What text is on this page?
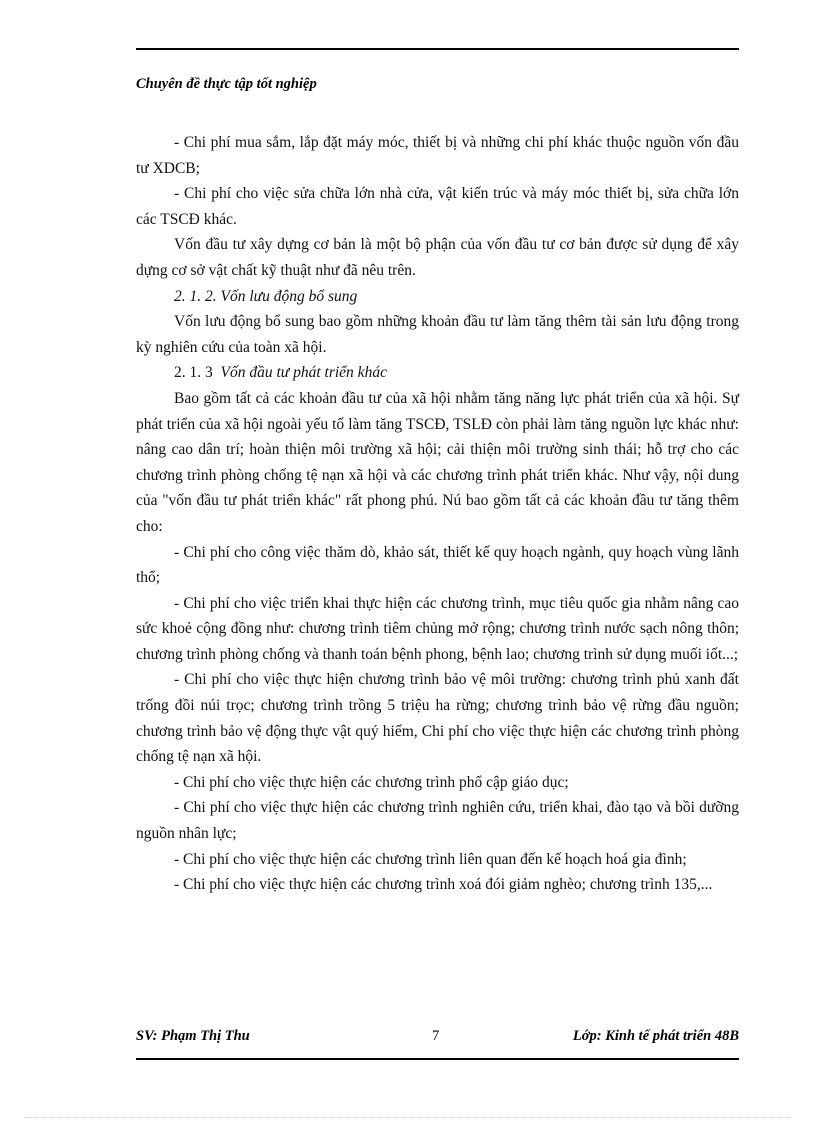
Chuyên đề thực tập tốt nghiệp

- Chi phí mua sắm, lắp đặt máy móc, thiết bị và những chi phí khác thuộc nguồn vốn đầu tư XDCB;

- Chi phí cho việc sửa chữa lớn nhà cửa, vật kiến trúc và máy móc thiết bị, sửa chữa lớn các TSCĐ khác.

Vốn đầu tư xây dựng cơ bản là một bộ phận của vốn đầu tư cơ bản được sử dụng để xây dựng cơ sở vật chất kỹ thuật như đã nêu trên.

2. 1. 2. Vốn lưu động bổ sung

Vốn lưu động bổ sung bao gồm những khoản đầu tư làm tăng thêm tài sản lưu động trong kỳ nghiên cứu của toàn xã hội.

2. 1. 3 Vốn đầu tư phát triển khác

Bao gồm tất cả các khoản đầu tư của xã hội nhằm tăng năng lực phát triển của xã hội. Sự phát triển của xã hội ngoài yếu tố làm tăng TSCĐ, TSLĐ còn phải làm tăng nguồn lực khác như: nâng cao dân trí; hoàn thiện môi trường xã hội; cải thiện môi trường sinh thái; hỗ trợ cho các chương trình phòng chống tệ nạn xã hội và các chương trình phát triển khác. Như vậy, nội dung của "vốn đầu tư phát triển khác" rất phong phú. Nú bao gồm tất cả các khoản đầu tư tăng thêm cho:

- Chi phí cho công việc thăm dò, khảo sát, thiết kế quy hoạch ngành, quy hoạch vùng lãnh thổ;

- Chi phí cho việc triển khai thực hiện các chương trình, mục tiêu quốc gia nhằm nâng cao sức khoẻ cộng đồng như: chương trình tiêm chủng mở rộng; chương trình nước sạch nông thôn; chương trình phòng chống và thanh toán bệnh phong, bệnh lao; chương trình sử dụng muối iốt...;

- Chi phí cho việc thực hiện chương trình bảo vệ môi trường: chương trình phủ xanh đất trống đồi núi trọc; chương trình trồng 5 triệu ha rừng; chương trình bảo vệ rừng đầu nguồn; chương trình bảo vệ động thực vật quý hiếm, Chi phí cho việc thực hiện các chương trình phòng chống tệ nạn xã hội.

- Chi phí cho việc thực hiện các chương trình phổ cập giáo dục;

- Chi phí cho việc thực hiện các chương trình nghiên cứu, triển khai, đào tạo và bồi dưỡng nguồn nhân lực;

- Chi phí cho việc thực hiện các chương trình liên quan đến kế hoạch hoá gia đình;

- Chi phí cho việc thực hiện các chương trình xoá đói giảm nghèo; chương trình 135,...

SV: Phạm Thị Thu	7	Lớp: Kinh tế phát triển 48B
